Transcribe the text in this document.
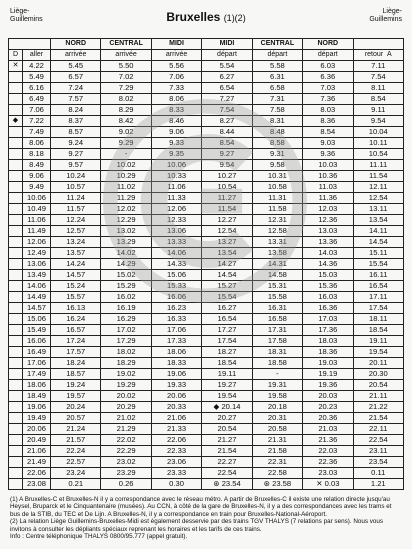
Liège-
Guillemins	Bruxelles (1)(2)
Liège-
Guillemins
		NORD	CENTRAL	MIDI	MIDI	CENTRAL	NORD	
D	aller	arrivée	arrivée	arrivée	départ	départ	départ	retour A
✕	4.22	5.45	5.50	5.56	5.54	5.58	6.03	7.11
	5.49	6.57	7.02	7.06	6.27	6.31	6.36	7.54
	6.16	7.24	7.29	7.33	6.54	6.58	7.03	8.11
	6.49	7.57	8.02	8.06	7.27	7.31	7.36	8.54
	7.06	8.24	8.29	8.33	7.54	7.58	8.03	9.11
◆	7.22	8.37	8.42	8.46	8.27	8.31	8.36	9.54
	7.49	8.57	9.02	9.06	8.44	8.48	8.54	10.04
	8.06	9.24	9.29	9.33	8.54	8.58	9.03	10.11
	8.18	9.27	-	9.35	9.27	9.31	9.36	10.54
	8.49	9.57	10.02	10.06	9.54	9.58	10.03	11.11
	9.06	10.24	10.29	10.33	10.27	10.31	10.36	11.54
	9.49	10.57	11.02	11.06	10.54	10.58	11.03	12.11
	10.06	11.24	11.29	11.33	11.27	11.31	11.36	12.54
	10.49	11.57	12.02	12.06	11.54	11.58	12.03	13.11
	11.06	12.24	12.29	12.33	12.27	12.31	12.36	13.54
	11.49	12.57	13.02	13.06	12.54	12.58	13.03	14.11
	12.06	13.24	13.29	13.33	13.27	13.31	13.36	14.54
	12.49	13.57	14.02	14.06	13.54	13.58	14.03	15.11
	13.06	14.24	14.29	14.33	14.27	14.31	14.36	15.54
	13.49	14.57	15.02	15.06	14.54	14.58	15.03	16.11
	14.06	15.24	15.29	15.33	15.27	15.31	15.36	16.54
	14.49	15.57	16.02	16.06	15.54	15.58	16.03	17.11
	14.57	16.13	16.19	16.23	16.27	16.31	16.36	17.54
	15.06	16.24	16.29	16.33	16.54	16.58	17.03	18.11
	15.49	16.57	17.02	17.06	17.27	17.31	17.36	18.54
	16.06	17.24	17.29	17.33	17.54	17.58	18.03	19.11
	16.49	17.57	18.02	18.06	18.27	18.31	18.36	19.54
	17.06	18.24	18.29	18.33	18.54	18.58	19.03	20.11
	17.49	18.57	19.02	19.06	19.11	-	19.19	20.30
	18.06	19.24	19.29	19.33	19.27	19.31	19.36	20.54
	18.49	19.57	20.02	20.06	19.54	19.58	20.03	21.11
	19.06	20.24	20.29	20.33	◆ 20.14	20.18	20.23	21.22
	19.49	20.57	21.02	21.06	20.27	20.31	20.36	21.54
	20.06	21.24	21.29	21.33	20.54	20.58	21.03	22.11
	20.49	21.57	22.02	22.06	21.27	21.31	21.36	22.54
	21.06	22.24	22.29	22.33	21.54	21.58	22.03	23.11
	21.49	22.57	23.02	23.06	22.27	22.31	22.36	23.54
	22.06	23.24	23.29	23.33	22.54	22.58	23.03	0.11
	23.08	0.21	0.26	0.30	⊛ 23.54	⊛ 23.58	✕ 0.03	1.21

(1) A Bruxelles-C et Bruxelles-N il y a correspondance avec le réseau métro. A partir de Bruxelles-C il existe une relation directe jusqu'au Heysel, Bruparck et le Cinquantenaire (musées). Au CCN, à côté de la gare de Bruxelles-N, il y a des correspondances avec les trams et bus de la STIB, du TEC et De Lijn. A Bruxelles-N, il y a correspondance en train pour Bruxelles-National-Aéroport.

(2) La relation Liège Guillemins-Bruxelles-Midi est également desservie par des trains TGV THALYS (7 relations par sens). Nous vous invitons à consulter les dépliants spéciaux reprenant les horaires et les tarifs de ces trains.

Info : Centre téléphonique THALYS 0800/95.777 (appel gratuit).
